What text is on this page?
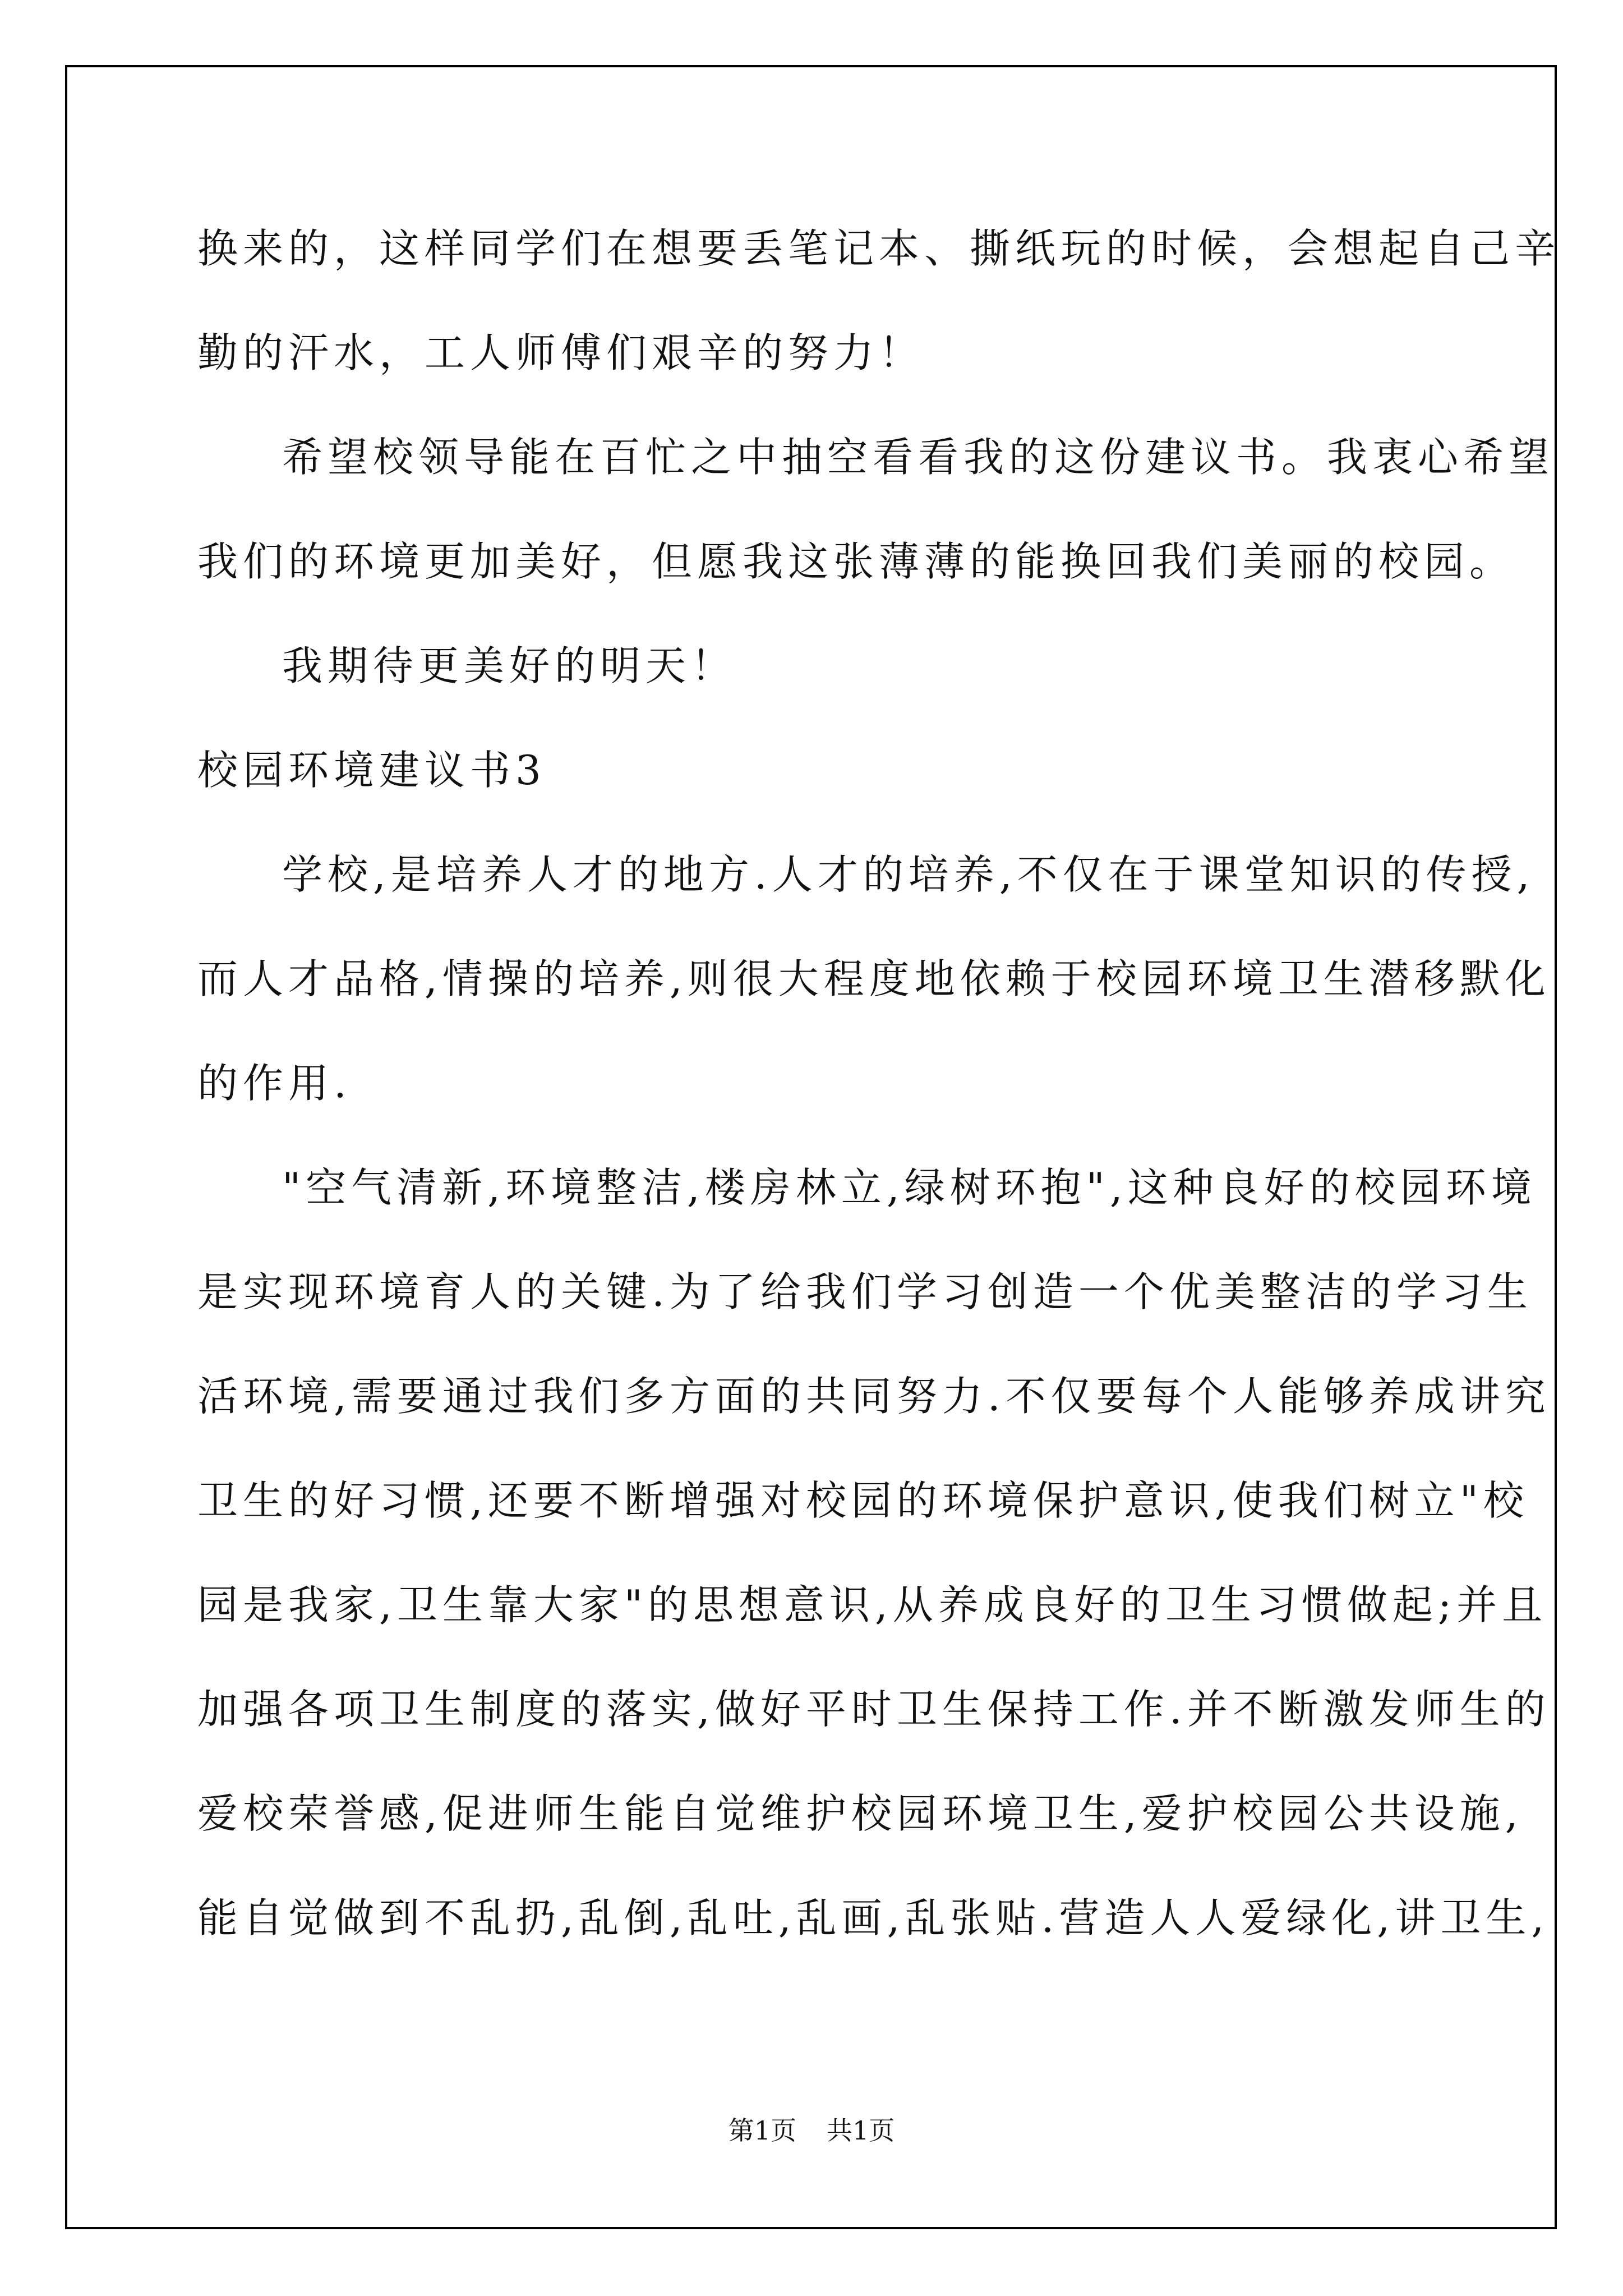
换来的，这样同学们在想要丢笔记本、撕纸玩的时候，会想起自己辛
勤的汗水，工人师傅们艰辛的努力！
希望校领导能在百忙之中抽空看看我的这份建议书。我衷心希望
我们的环境更加美好，但愿我这张薄薄的能换回我们美丽的校园。
我期待更美好的明天！
校园环境建议书3
学校,是培养人才的地方.人才的培养,不仅在于课堂知识的传授,
而人才品格,情操的培养,则很大程度地依赖于校园环境卫生潜移默化
的作用.
"空气清新,环境整洁,楼房林立,绿树环抱",这种良好的校园环境
是实现环境育人的关键.为了给我们学习创造一个优美整洁的学习生
活环境,需要通过我们多方面的共同努力.不仅要每个人能够养成讲究
卫生的好习惯,还要不断增强对校园的环境保护意识,使我们树立"校
园是我家,卫生靠大家"的思想意识,从养成良好的卫生习惯做起;并且
加强各项卫生制度的落实,做好平时卫生保持工作.并不断激发师生的
爱校荣誉感,促进师生能自觉维护校园环境卫生,爱护校园公共设施,
能自觉做到不乱扔,乱倒,乱吐,乱画,乱张贴.营造人人爱绿化,讲卫生,
第1页 共1页
